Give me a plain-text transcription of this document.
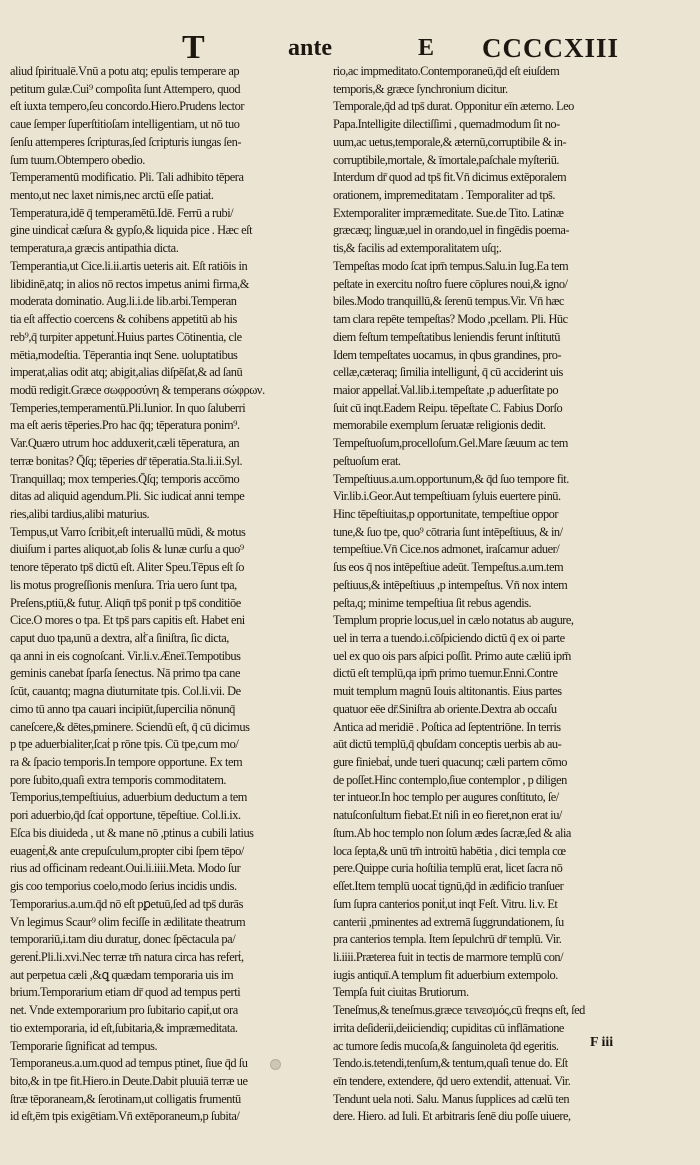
T	ante	E CCCCXIII
aliud ſpiritualē.Vnū a potu atq; epulis temperare ap
petitum gulæ.Cui⁹ compoſita ſunt Attempero, quod
eſt iuxta tempero,ſeu concordo.Hiero.Prudens lector
caue ſemper ſuperſtitioſam intelligentiam, ut nō tuo
ſenſu attemperes ſcripturas,ſed ſcripturis iungas ſen-
ſum tuum.Obtempero obedio.
Temperamentū modificatio. Pli. Tali adhibito tēpera
mento,ut nec laxet nimis,nec arctū eſſe patiaṫ.
Temperatura,idē q̄ temperamētū.Idē. Ferrū a rubi/
gine uindicaṫ cæſura & gypſo,& liquida pice . Hæc eſt
temperatura,a græcis antipathia dicta.
Temperantia,ut Cice.li.ii.artis ueteris ait. Eſt ratiōis in
libidinē,atq; in alios nō rectos impetus animi firma,&
moderata dominatio. Aug.li.i.de lib.arbi.Temperan
tia eſt affectio coercens & cohibens appetitū ab his
reb⁹,q̄ turpiter appetunṫ.Huius partes Cōtinentia, cle
mētia,modeſtia. Tēperantia inqt Sene. uoluptatibus
imperat,alias odit atq; abigit,alias diſpēſat,& ad ſanū
modū redigit.Græce σωφροσύνη & temperans σώφρων.
Temperies,temperamentū.Pli.Iunior. In quo ſaluberri
ma eſt aeris tēperies.Pro hac q̄q; tēperatura ponim⁹.
Var.Quæro utrum hoc adduxerit,cæli tēperatura, an
terræ bonitas? Q̄ſq; tēperies dr̄ tēperatia.Sta.li.ii.Syl.
Tranquillaq; mox temperies.Q̄ſq; temporis accōmo
ditas ad aliquid agendum.Pli. Sic iudicaṫ anni tempe
ries,alibi tardius,alibi maturius.
Tempus,ut Varro ſcribit,eſt interuallū mūdi, & motus
diuiſum i partes aliquot,ab ſolis & lunæ curſu a quo⁹
tenore tēperato tps̄ dictū eſt. Aliter Speu.Tēpus eſt ſo
lis motus progreſſionis menſura. Tria uero ſunt tpa,
Preſens,ptiū,& futuṟ. Aliqn̄ tps̄ poniṫ p tps̄ conditiōe
Cice.O mores o tpa. Et tps̄ pars capitis eſt. Habet eni
caput duo tpa,unū a dextra, alṫ̄ a ſiniſtra, ſic dicta,
qa anni in eis cognoſcanṫ. Vir.li.v.Æneī.Tempotibus
geminis canebat ſparſa ſenectus. Nā primo tpa cane
ſcūt, cauantq; magna diuturnitate tpis. Col.li.vii. De
cimo tū anno tpa cauari incipiūt,ſupercilia nōnunq̄
caneſcere,& dētes,pminere. Sciendū eſt, q̄ cū dicimus
p tpe aduerbialiter,ſcaṫ p rōne tpis. Cū tpe,cum mo/
ra & ſpacio temporis.In tempore opportune. Ex tem
pore ſubito,quaſi extra temporis commoditatem.
Temporius,tempeſtiuius, aduerbium deductum a tem
pori aduerbio,q̄d ſcaṫ opportune, tēpeſtiue. Col.li.ix.
Eſca bis diuideda , ut & mane nō ,ptinus a cubili latius
euagenṫ,& ante crepuſculum,propter cibi ſpem tēpo/
rius ad officinam redeant.Oui.li.iiii.Meta. Modo ſur
gis coo temporius coelo,modo ſerius incidis undis.
Temporarius.a.um.q̄d nō eſt pꝑetuū,ſed ad tps̄ durās
Vn legimus Scaur⁹ olim feciſſe in ædilitate theatrum
temporariū,i.tam diu duratuṟ, donec ſpēctacula pa/
gerenṫ.Pli.li.xvi.Nec terræ tm̄ natura circa has referṫ,
aut perpetua cæli ,&ꝗ quædam temporaria uis im
brium.Temporarium etiam dr̄ quod ad tempus perti
net. Vnde extemporarium pro ſubitario capiṫ,ut ora
tio extemporaria, id eſt,ſubitaria,& impræmeditata.
Temporarie ſignificat ad tempus.
Temporaneus.a.um.quod ad tempus ptinet, ſiue q̄d ſu
bito,& in tpe fit.Hiero.in Deute.Dabit pluuiā terræ ue
ſtræ tēporaneam,& ſerotinam,ut colligatis frumentū
id eſt,ēm tpis exigētiam.Vn̄ extēporaneum,p ſubita/
rio,ac impmeditato.Contemporaneū,q̄d eſt eiuſdem
temporis,& græce ſynchronium dicitur.
Temporale,q̄d ad tps̄ durat. Opponitur eīn æterno. Leo
Papa.Intelligite dilectiſſimi , quemadmodum ſit no-
uum,ac uetus,temporale,& æternū,corruptibile & in-
corruptibile,mortale, & īmortale,paſchale myſteriū.
Interdum dr̄ quod ad tps̄ fit.Vn̄ dicimus extēporalem
orationem, impremeditatam . Temporaliter ad tps̄.
Extemporaliter impræmeditate. Sue.de Tito. Latinæ
græcæq; linguæ,uel in orando,uel in fingēdis poema-
tis,& facilis ad extemporalitatem uſq;.
Tempeſtas modo ſcat ipm̄ tempus.Salu.in Iug.Ea tem
peſtate in exercitu noſtro fuere cōplures noui,& igno/
biles.Modo tranquillū,& ſerenū tempus.Vir. Vn̄ hæc
tam clara repēte tempeſtas? Modo ,pcellam. Pli. Hūc
diem feſtum tempeſtatibus leniendis ferunt inſtitutū
Idem tempeſtates uocamus, in qbus grandines, pro-
cellæ,cæteraq; ſimilia intelligunṫ, q̄ cū acciderint uis
maior appellaṫ.Val.lib.i.tempeſtate ,p aduerſitate po
ſuit cū inqt.Eadem Reipu. tēpeſtate C. Fabius Dorſo
memorabile exemplum ſeruatæ religionis dedit.
Tempeſtuoſum,procelloſum.Gel.Mare ſæuum ac tem
peſtuoſum erat.
Tempeſtiuus.a.um.opportunum,& q̄d ſuo tempore fit.
Vir.lib.i.Geor.Aut tempeſtiuam ſyluis euertere pinū.
Hinc tēpeſtiuitas,p opportunitate, tempeſtiue oppor
tune,& ſuo tpe, quo⁹ cōtraria ſunt intēpeſtiuus, & in/
tempeſtiue.Vn̄ Cice.nos admonet, iraſcamur aduer/
ſus eos q̄ nos intēpeſtiue adeūt. Tempeſtus.a.um.tem
peſtiuus,& intēpeſtiuus ,p intempeſtus. Vn̄ nox intem
peſta,q; minime tempeſtiua ſit rebus agendis.
Templum proprie locus,uel in cælo notatus ab augure,
uel in terra a tuendo.i.cōſpiciendo dictū q̄ ex oi parte
uel ex quo ois pars aſpici poſſit. Primo aute cæliū ipm̄
dictū eſt templū,qa ipm̄ primo tuemur.Enni.Contre
muit templum magnū Iouis altitonantis. Eius partes
quatuor eēe dr̄.Siniſtra ab oriente.Dextra ab occaſu
Antica ad meridiē . Poſtica ad ſeptentriōne. In terris
aūt dictū templū,q̄ qbuſdam conceptis uerbis ab au-
gure finiebaṫ, unde tueri quacunq; cæli partem cōmo
de poſſet.Hinc contemplo,ſiue contemplor , p diligen
ter intueor.In hoc templo per augures conſtituto, ſe/
natuſconſultum fiebat.Et niſi in eo fieret,non erat iu/
ſtum.Ab hoc templo non ſolum ædes ſacræ,ſed & alia
loca ſepta,& unū tm̄ introitū habētia , dici templa cœ
pere.Quippe curia hoſtilia templū erat, licet ſacra nō
eſſet.Item templū uocaṫ tignū,q̄d in ædificio tranſuer
ſum ſupra canterios poniṫ,ut inqt Feſt. Vitru. li.v. Et
canterii ,pminentes ad extremā ſuggrundationem, ſu
pra canterios templa. Item ſepulchrū dr̄ templū. Vir.
li.iiii.Præterea fuit in tectis de marmore templū con/
iugis antiquī.A templum fit aduerbium extempolo.
Tempſa fuit ciuitas Brutiorum.
Teneſmus,& teneſmus.græce τεινεσμός,cū freqns eſt, ſed
irrita deſiderii,deiiciendiq; cupiditas cū inflāmatione
ac tumore ſedis mucoſa,& ſanguinoleta q̄d egeritis.
Tendo.is.tetendi,tenſum,& tentum,quaſi tenue do. Eſt
eīn tendere, extendere, q̄d uero extendiṫ, attenuaṫ. Vir.
Tendunt uela noti. Salu. Manus ſupplices ad cælū ten
dere. Hiero. ad Iuli. Et arbitraris ſenē diu poſſe uiuere,
F iii
